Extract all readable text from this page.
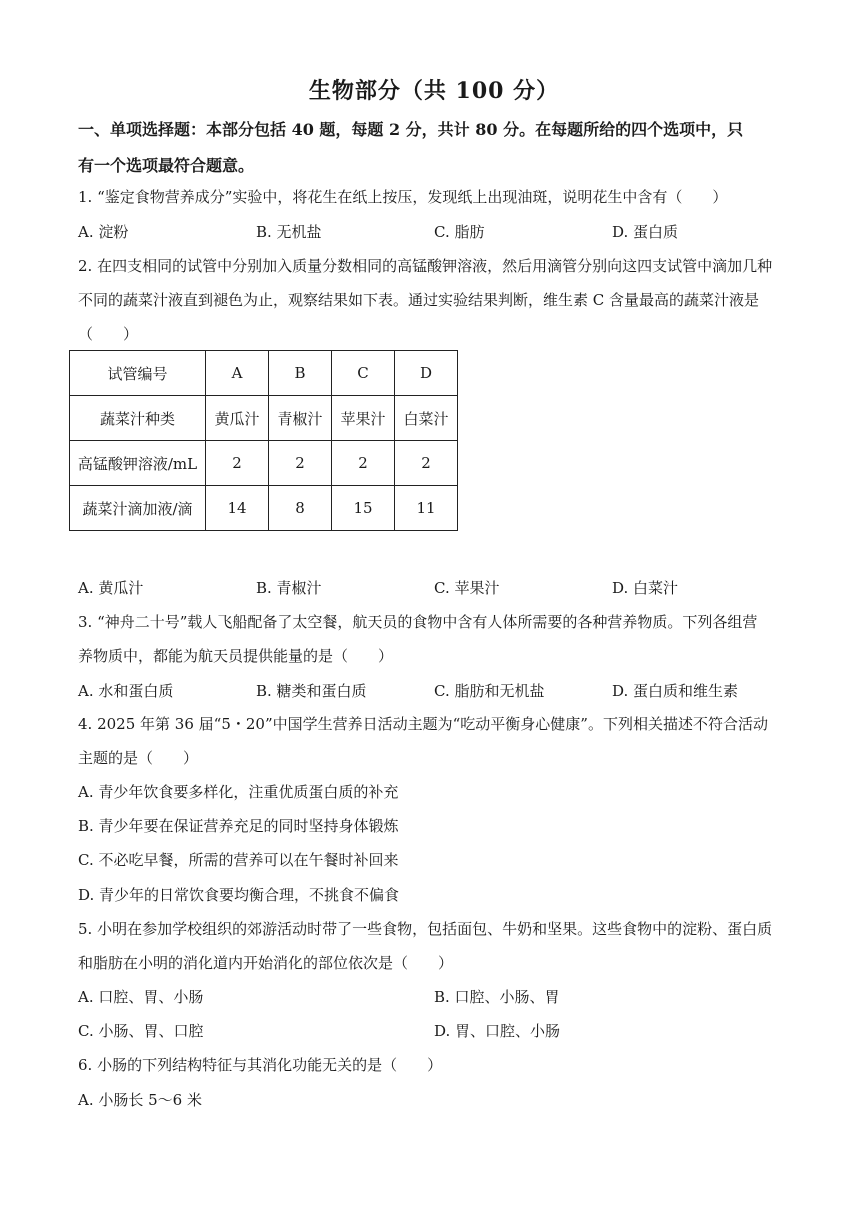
生物部分（共 100 分）
一、单项选择题：本部分包括 40 题，每题 2 分，共计 80 分。在每题所给的四个选项中，只
有一个选项最符合题意。
1. “鉴定食物营养成分”实验中，将花生在纸上按压，发现纸上出现油斑，说明花生中含有（　　）
A. 淀粉	B. 无机盐	C. 脂肪	D. 蛋白质
2. 在四支相同的试管中分别加入质量分数相同的高锰酸钾溶液，然后用滴管分别向这四支试管中滴加几种
不同的蔬菜汁液直到褪色为止，观察结果如下表。通过实验结果判断，维生素 C 含量最高的蔬菜汁液是
（　　）
试管编号	A	B	C	D
蔬菜汁种类	黄瓜汁	青椒汁	苹果汁	白菜汁
高锰酸钾溶液/mL	2	2	2	2
蔬菜汁滴加液/滴	14	8	15	11
A. 黄瓜汁	B. 青椒汁	C. 苹果汁	D. 白菜汁
3. “神舟二十号”载人飞船配备了太空餐，航天员的食物中含有人体所需要的各种营养物质。下列各组营
养物质中，都能为航天员提供能量的是（　　）
A. 水和蛋白质	B. 糖类和蛋白质	C. 脂肪和无机盐	D. 蛋白质和维生素
4. 2025 年第 36 届“5・20”中国学生营养日活动主题为“吃动平衡身心健康”。下列相关描述不符合活动
主题的是（　　）
A. 青少年饮食要多样化，注重优质蛋白质的补充
B. 青少年要在保证营养充足的同时坚持身体锻炼
C. 不必吃早餐，所需的营养可以在午餐时补回来
D. 青少年的日常饮食要均衡合理，不挑食不偏食
5. 小明在参加学校组织的郊游活动时带了一些食物，包括面包、牛奶和坚果。这些食物中的淀粉、蛋白质
和脂肪在小明的消化道内开始消化的部位依次是（　　）
A. 口腔、胃、小肠	B. 口腔、小肠、胃
C. 小肠、胃、口腔	D. 胃、口腔、小肠
6. 小肠的下列结构特征与其消化功能无关的是（　　）
A. 小肠长 5～6 米
